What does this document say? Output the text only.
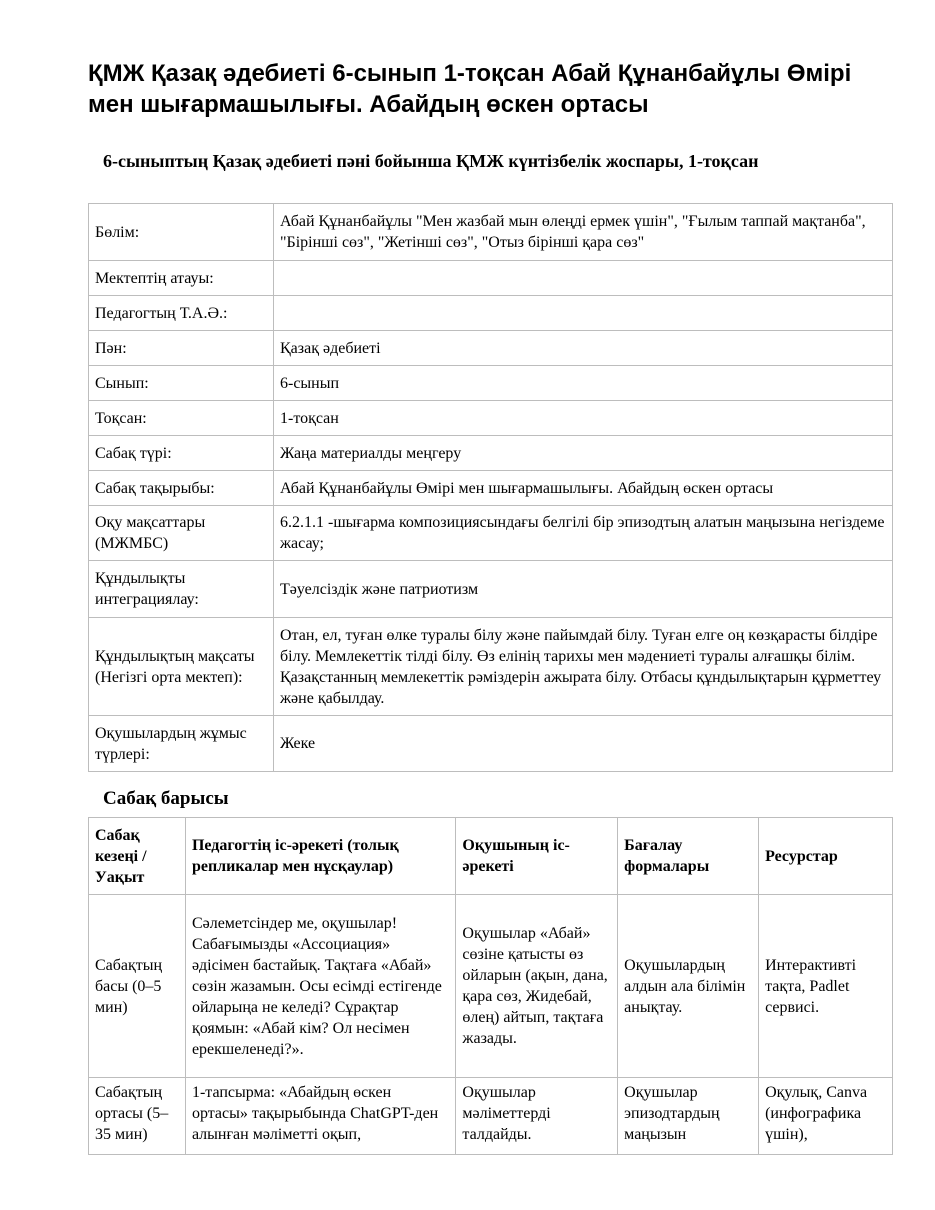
ҚМЖ Қазақ әдебиеті 6-сынып 1-тоқсан Абай Құнанбайұлы Өмірі мен шығармашылығы. Абайдың өскен ортасы
6-сыныптың Қазақ әдебиеті пәні бойынша ҚМЖ күнтізбелік жоспары, 1-тоқсан
Бөлім:	Абай Құнанбайұлы "Мен жазбай мын өлеңді ермек үшін", "Ғылым таппай мақтанба", "Бірінші сөз", "Жетінші сөз", "Отыз бірінші қара сөз"
Мектептің атауы:	
Педагогтың Т.А.Ә.:	
Пән:	Қазақ әдебиеті
Сынып:	6-сынып
Тоқсан:	1-тоқсан
Сабақ түрі:	Жаңа материалды меңгеру
Сабақ тақырыбы:	Абай Құнанбайұлы Өмірі мен шығармашылығы. Абайдың өскен ортасы
Оқу мақсаттары (МЖМБС)	6.2.1.1 -шығарма композициясындағы белгілі бір эпизодтың алатын маңызына негіздеме жасау;
Құндылықты интеграциялау:	Тәуелсіздік және патриотизм
Құндылықтың мақсаты (Негізгі орта мектеп):	Отан, ел, туған өлке туралы білу және пайымдай білу. Туған елге оң көзқарасты білдіре білу. Мемлекеттік тілді білу. Өз елінің тарихы мен мәдениеті туралы алғашқы білім. Қазақстанның мемлекеттік рәміздерін ажырата білу. Отбасы құндылықтарын құрметтеу және қабылдау.
Оқушылардың жұмыс түрлері:	Жеке
Сабақ барысы
Сабақ кезеңі / Уақыт	Педагогтің іс-әрекеті (толық репликалар мен нұсқаулар)	Оқушының іс-әрекеті	Бағалау формалары	Ресурстар
Сабақтың басы (0–5 мин)	Сәлеметсіндер ме, оқушылар! Сабағымызды «Ассоциация» әдісімен бастайық. Тақтаға «Абай» сөзін жазамын. Осы есімді естігенде ойларыңа не келеді? Сұрақтар қоямын: «Абай кім? Ол несімен ерекшеленеді?».	Оқушылар «Абай» сөзіне қатысты өз ойларын (ақын, дана, қара сөз, Жидебай, өлең) айтып, тақтаға жазады.	Оқушылардың алдын ала білімін анықтау.	Интерактивті тақта, Padlet сервисі.
Сабақтың ортасы (5–35 мин)	1-тапсырма: «Абайдың өскен ортасы» тақырыбында ChatGPT-ден алынған мәліметті оқып,	Оқушылар мәліметтерді талдайды.	Оқушылар эпизодтардың маңызын	Оқулық, Canva (инфографика үшін),
